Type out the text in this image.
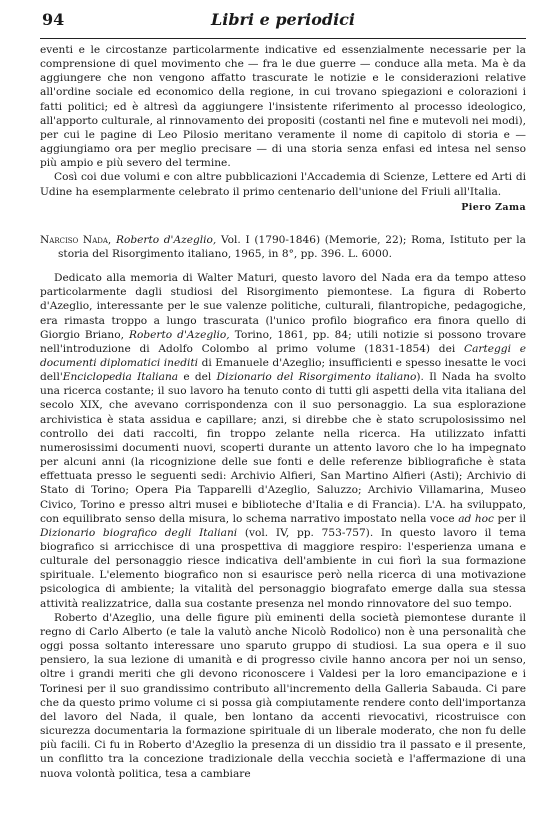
94	Libri e periodici

eventi e le circostanze particolarmente indicative ed essenzialmente necessarie per la comprensione di quel movimento che — fra le due guerre — conduce alla meta. Ma è da aggiungere che non vengono affatto trascurate le notizie e le considerazioni relative all'ordine sociale ed economico della regione, in cui trovano spiegazioni e colorazioni i fatti politici; ed è altresì da aggiungere l'insistente riferimento al processo ideologico, all'apporto culturale, al rinnovamento dei propositi (costanti nel fine e mutevoli nei modi), per cui le pagine di Leo Pilosio meritano veramente il nome di capitolo di storia e — aggiungiamo ora per meglio precisare — di una storia senza enfasi ed intesa nel senso più ampio e più severo del termine.

Così coi due volumi e con altre pubblicazioni l'Accademia di Scienze, Lettere ed Arti di Udine ha esemplarmente celebrato il primo centenario dell'unione del Friuli all'Italia.

Piero Zama
Narciso Nada, Roberto d'Azeglio, Vol. I (1790-1846) (Memorie, 22); Roma, Istituto per la storia del Risorgimento italiano, 1965, in 8°, pp. 396. L. 6000.

Dedicato alla memoria di Walter Maturi, questo lavoro del Nada era da tempo atteso particolarmente dagli studiosi del Risorgimento piemontese. La figura di Roberto d'Azeglio, interessante per le sue valenze politiche, culturali, filantropiche, pedagogiche, era rimasta troppo a lungo trascurata (l'unico profilo biografico era finora quello di Giorgio Briano, Roberto d'Azeglio, Torino, 1861, pp. 84; utili notizie si possono trovare nell'introduzione di Adolfo Colombo al primo volume (1831-1854) dei Carteggi e documenti diplomatici inediti di Emanuele d'Azeglio; insufficienti e spesso inesatte le voci dell'Enciclopedia Italiana e del Dizionario del Risorgimento italiano). Il Nada ha svolto una ricerca costante; il suo lavoro ha tenuto conto di tutti gli aspetti della vita italiana del secolo XIX, che avevano corrispondenza con il suo personaggio. La sua esplorazione archivistica è stata assidua e capillare; anzi, si direbbe che è stato scrupolosissimo nel controllo dei dati raccolti, fin troppo zelante nella ricerca. Ha utilizzato infatti numerosissimi documenti nuovi, scoperti durante un attento lavoro che lo ha impegnato per alcuni anni (la ricognizione delle sue fonti e delle referenze bibliografiche è stata effettuata presso le seguenti sedi: Archivio Alfieri, San Martino Alfieri (Asti); Archivio di Stato di Torino; Opera Pia Tapparelli d'Azeglio, Saluzzo; Archivio Villamarina, Museo Civico, Torino e presso altri musei e biblioteche d'Italia e di Francia). L'A. ha sviluppato, con equilibrato senso della misura, lo schema narrativo impostato nella voce ad hoc per il Dizionario biografico degli Italiani (vol. IV, pp. 753-757). In questo lavoro il tema biografico si arricchisce di una prospettiva di maggiore respiro: l'esperienza umana e culturale del personaggio riesce indicativa dell'ambiente in cui fiorì la sua formazione spirituale. L'elemento biografico non si esaurisce però nella ricerca di una motivazione psicologica di ambiente; la vitalità del personaggio biografato emerge dalla sua stessa attività realizzatrice, dalla sua costante presenza nel mondo rinnovatore del suo tempo.

Roberto d'Azeglio, una delle figure più eminenti della società piemontese durante il regno di Carlo Alberto (e tale la valutò anche Nicolò Rodolico) non è una personalità che oggi possa soltanto interessare uno sparuto gruppo di studiosi. La sua opera e il suo pensiero, la sua lezione di umanità e di progresso civile hanno ancora per noi un senso, oltre i grandi meriti che gli devono riconoscere i Valdesi per la loro emancipazione e i Torinesi per il suo grandissimo contributo all'incremento della Galleria Sabauda. Ci pare che da questo primo volume ci si possa già compiutamente rendere conto dell'importanza del lavoro del Nada, il quale, ben lontano da accenti rievocativi, ricostruisce con sicurezza documentaria la formazione spirituale di un liberale moderato, che non fu delle più facili. Ci fu in Roberto d'Azeglio la presenza di un dissidio tra il passato e il presente, un conflitto tra la concezione tradizionale della vecchia società e l'affermazione di una nuova volontà politica, tesa a cambiare
